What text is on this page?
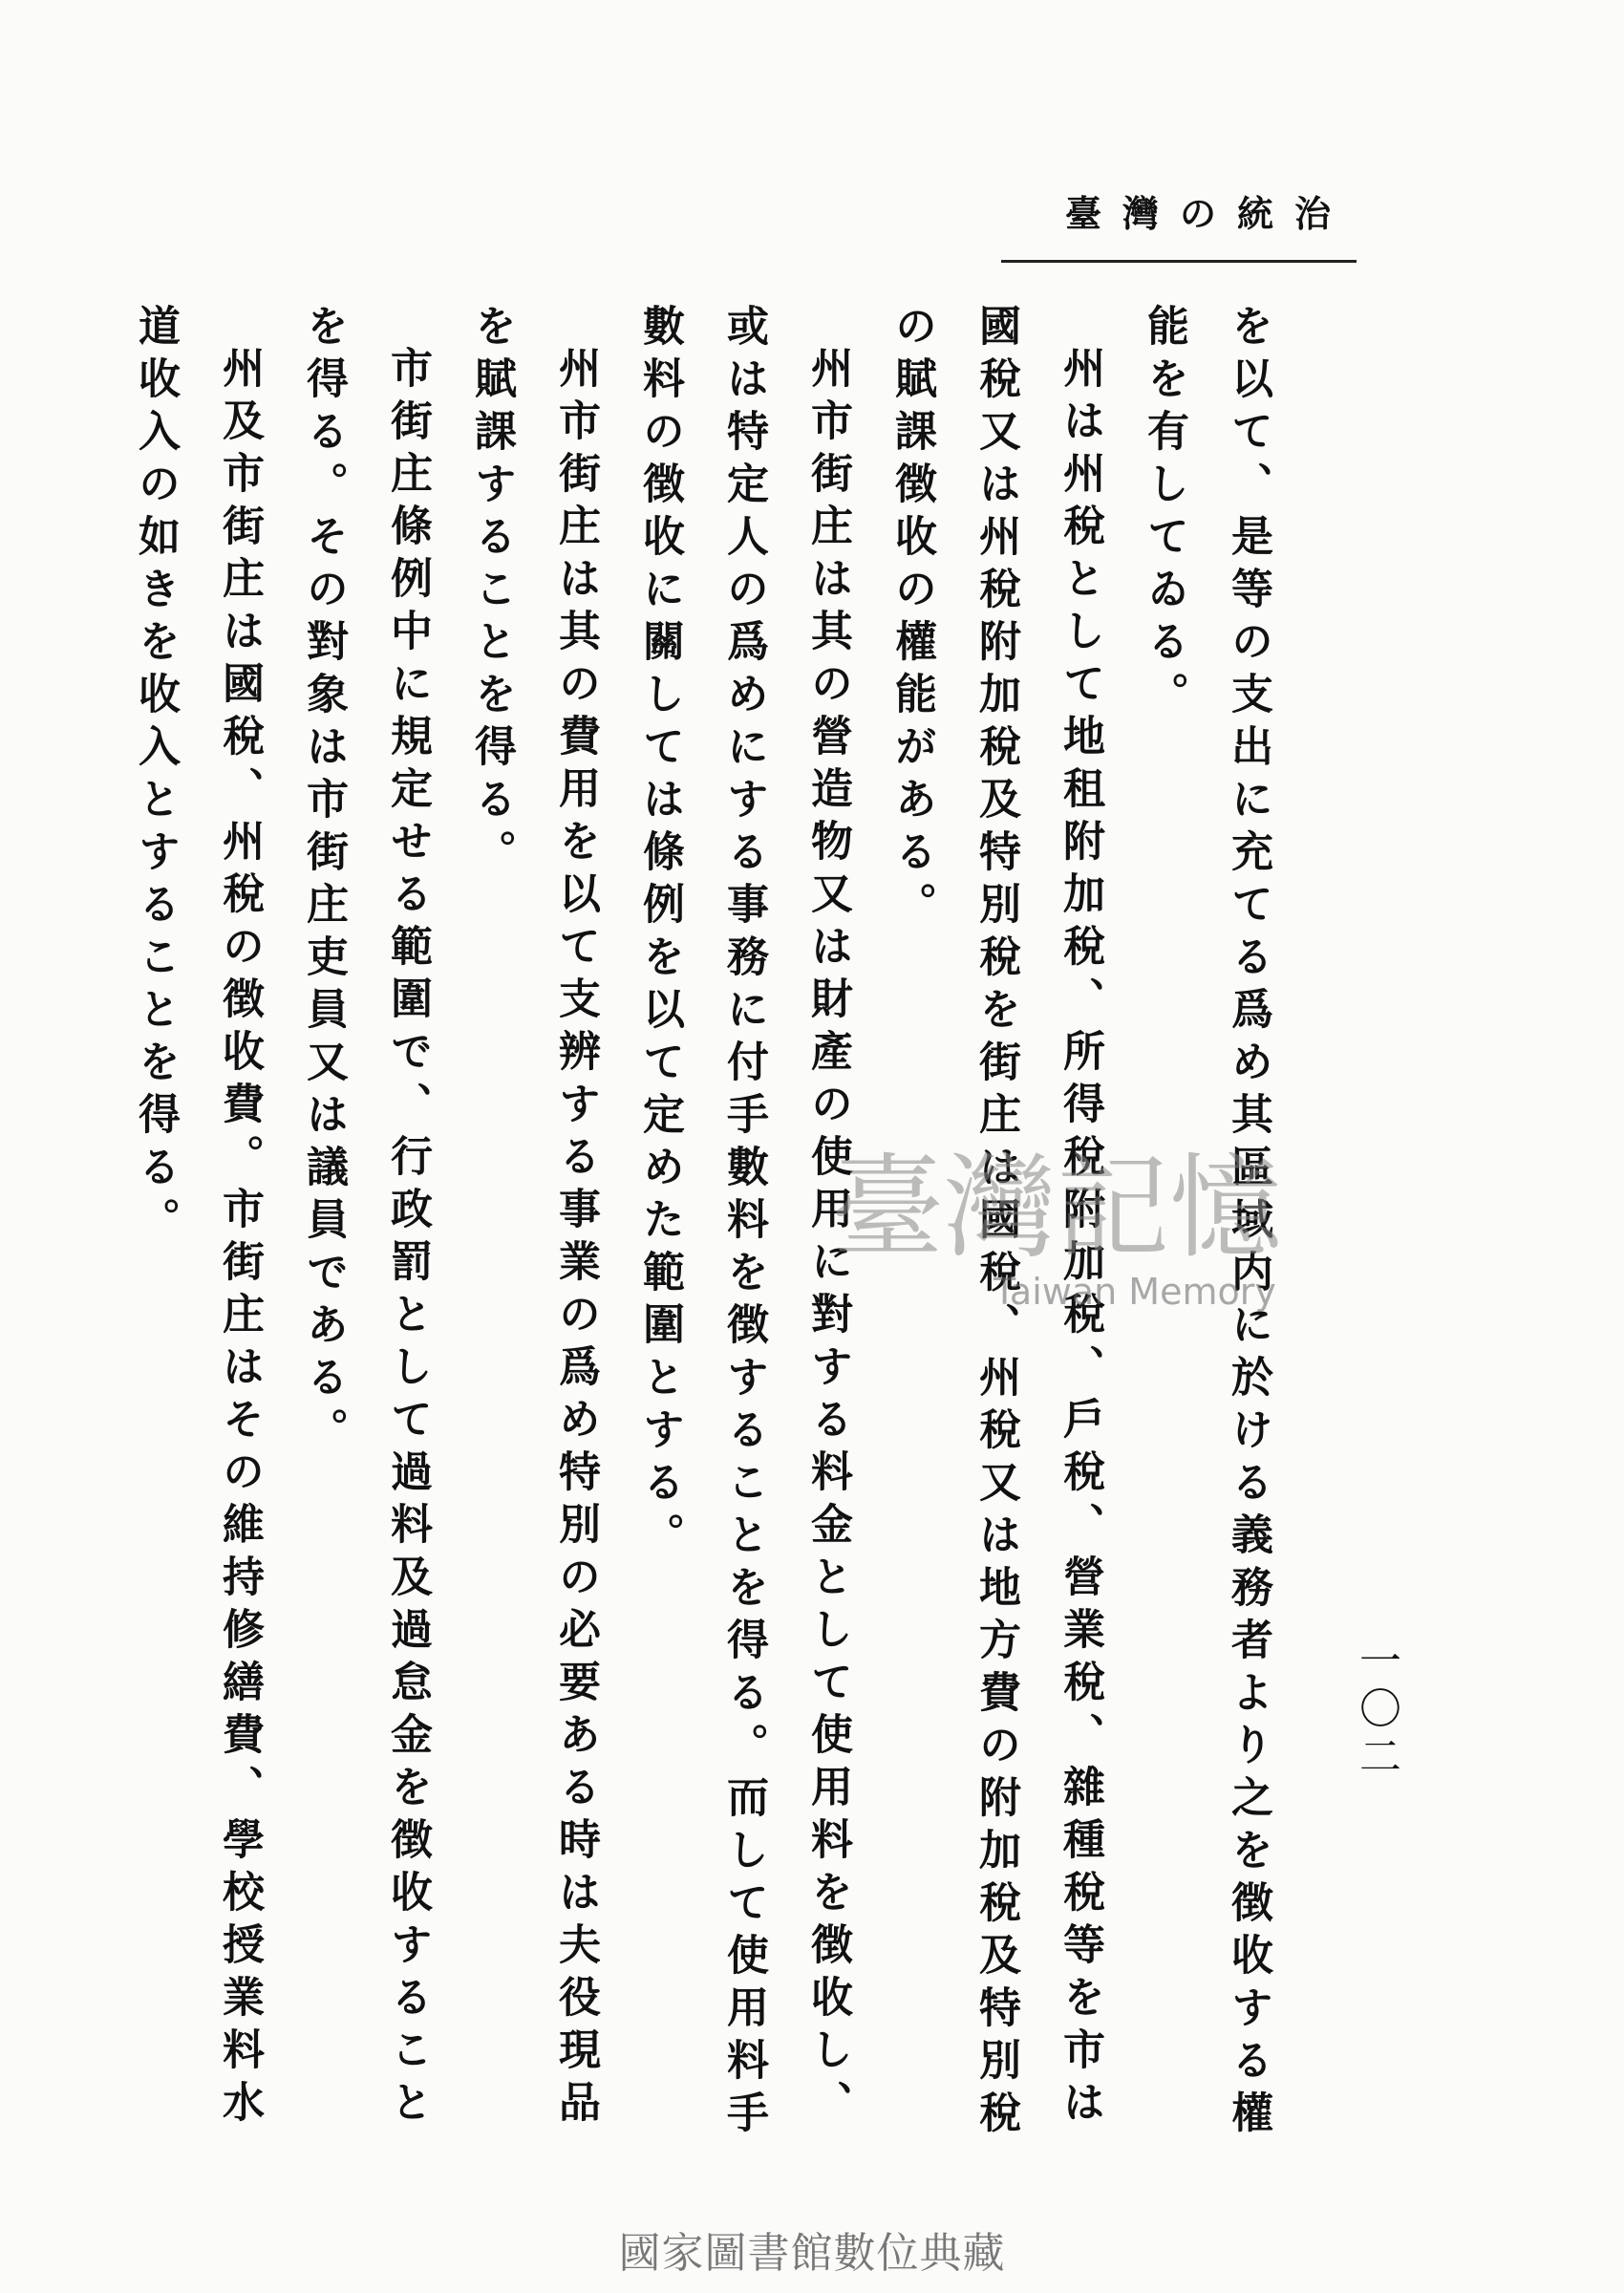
臺灣の統治
一〇二

を以て、是等の支出に充てる爲め其區域内に於ける義務者より之を徴收する權能を有してゐる。

州は州稅として地租附加稅、所得稅附加稅、戶稅、營業稅、雜種稅等を市は國稅又は州稅附加稅及特別稅を街庄は國稅、州稅又は地方費の附加稅及特別稅の賦課徴收の權能がある。

州市街庄は其の營造物又は財產の使用に對する料金として使用料を徴收し、或は特定人の爲めにする事務に付手數料を徴することを得る。而して使用料手數料の徴收に關しては條例を以て定めた範圍とする。

州市街庄は其の費用を以て支辨する事業の爲め特別の必要ある時は夫役現品を賦課することを得る。

市街庄條例中に規定せる範圍で、行政罰として過料及過怠金を徴收することを得る。その對象は市街庄吏員又は議員である。

州及市街庄は國稅、州稅の徴收費。市街庄はその維持修繕費、學校授業料水道收入の如きを收入とすることを得る。	臺灣記憶
Taiwan Memory
國家圖書館數位典藏
